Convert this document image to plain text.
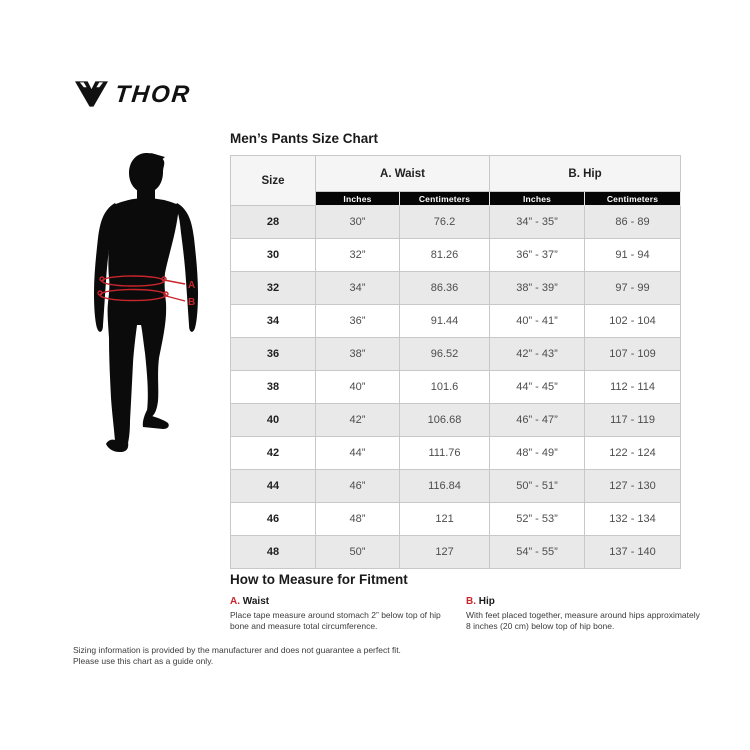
THOR
Men’s Pants Size Chart
A
B
Size	A. Waist		B. Hip	
	Inches	Centimeters	Inches	Centimeters
28	30”	76.2	34” - 35”	86 - 89
30	32”	81.26	36” - 37”	91 - 94
32	34”	86.36	38” - 39”	97 - 99
34	36”	91.44	40” - 41”	102 - 104
36	38”	96.52	42” - 43”	107 - 109
38	40”	101.6	44” - 45”	112 - 114
40	42”	106.68	46” - 47”	117 - 119
42	44”	111.76	48” - 49”	122 - 124
44	46”	116.84	50” - 51”	127 - 130
46	48”	121	52” - 53”	132 - 134
48	50”	127	54” - 55”	137 - 140
How to Measure for Fitment
A. Waist
Place tape measure around stomach 2” below top of hip bone and measure total circumference.
B. Hip
With feet placed together, measure around hips approximately 8 inches (20 cm) below top of hip bone.
Sizing information is provided by the manufacturer and does not guarantee a perfect fit.
Please use this chart as a guide only.
